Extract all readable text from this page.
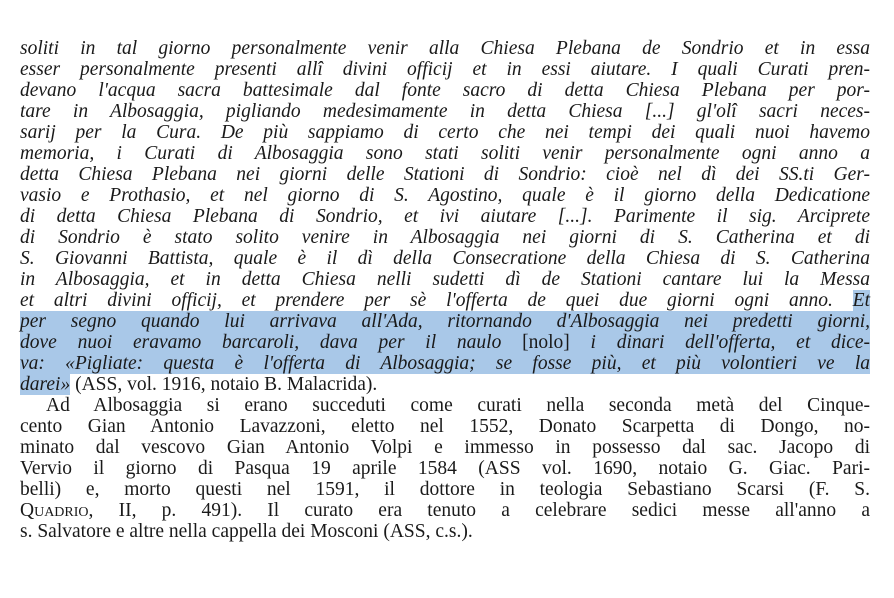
soliti in tal giorno personalmente venir alla Chiesa Plebana de Sondrio et in essa
esser personalmente presenti allî divini officij et in essi aiutare. I quali Curati pren-
devano l'acqua sacra battesimale dal fonte sacro di detta Chiesa Plebana per por-
tare in Albosaggia, pigliando medesimamente in detta Chiesa [...] gl'olî sacri neces-
sarij per la Cura. De più sappiamo di certo che nei tempi dei quali nuoi havemo
memoria, i Curati di Albosaggia sono stati soliti venir personalmente ogni anno a
detta Chiesa Plebana nei giorni delle Stationi di Sondrio: cioè nel dì dei SS.ti Ger-
vasio e Prothasio, et nel giorno di S. Agostino, quale è il giorno della Dedicatione
di detta Chiesa Plebana di Sondrio, et ivi aiutare [...]. Parimente il sig. Arciprete
di Sondrio è stato solito venire in Albosaggia nei giorni di S. Catherina et di
S. Giovanni Battista, quale è il dì della Consecratione della Chiesa di S. Catherina
in Albosaggia, et in detta Chiesa nelli sudetti dì de Stationi cantare lui la Messa
et altri divini officij, et prendere per sè l'offerta de quei due giorni ogni anno. Et
per segno quando lui arrivava all'Ada, ritornando d'Albosaggia nei predetti giorni,
dove nuoi eravamo barcaroli, dava per il naulo [nolo] i dinari dell'offerta, et dice-
va: «Pigliate: questa è l'offerta di Albosaggia; se fosse più, et più volontieri ve la
darei» (ASS, vol. 1916, notaio B. Malacrida).
Ad Albosaggia si erano succeduti come curati nella seconda metà del Cinque-
cento Gian Antonio Lavazzoni, eletto nel 1552, Donato Scarpetta di Dongo, no-
minato dal vescovo Gian Antonio Volpi e immesso in possesso dal sac. Jacopo di
Vervio il giorno di Pasqua 19 aprile 1584 (ASS vol. 1690, notaio G. Giac. Pari-
belli) e, morto questi nel 1591, il dottore in teologia Sebastiano Scarsi (F. S.
Quadrio, II, p. 491). Il curato era tenuto a celebrare sedici messe all'anno a
s. Salvatore e altre nella cappella dei Mosconi (ASS, c.s.).
